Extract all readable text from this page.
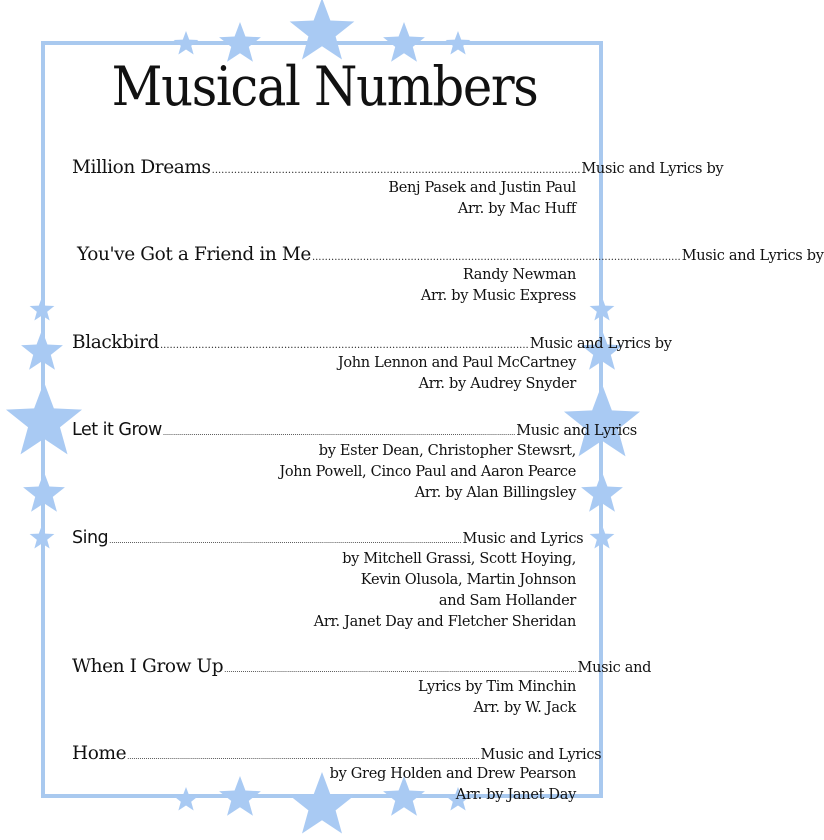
Musical Numbers
Million Dreams .................................................................................................................... Music and Lyrics by
Benj Pasek and Justin Paul
Arr. by Mac Huff
You've Got a Friend in Me .................................................................................................................... Music and Lyrics by
Randy Newman
Arr. by Music Express
Blackbird .................................................................................................................... Music and Lyrics by
John Lennon and Paul McCartney
Arr. by Audrey Snyder
Let it Grow .............................................................................................................................................................................. Music and Lyrics
by Ester Dean, Christopher Stewsrt,
John Powell, Cinco Paul and Aaron Pearce
Arr. by Alan Billingsley
Sing .............................................................................................................................................................................. Music and Lyrics
by Mitchell Grassi, Scott Hoying,
Kevin Olusola, Martin Johnson
and Sam Hollander
Arr. Janet Day and Fletcher Sheridan
When I Grow Up .............................................................................................................................................................................. Music and
Lyrics by Tim Minchin
Arr. by W. Jack
Home .............................................................................................................................................................................. Music and Lyrics
by Greg Holden and Drew Pearson
Arr. by Janet Day
